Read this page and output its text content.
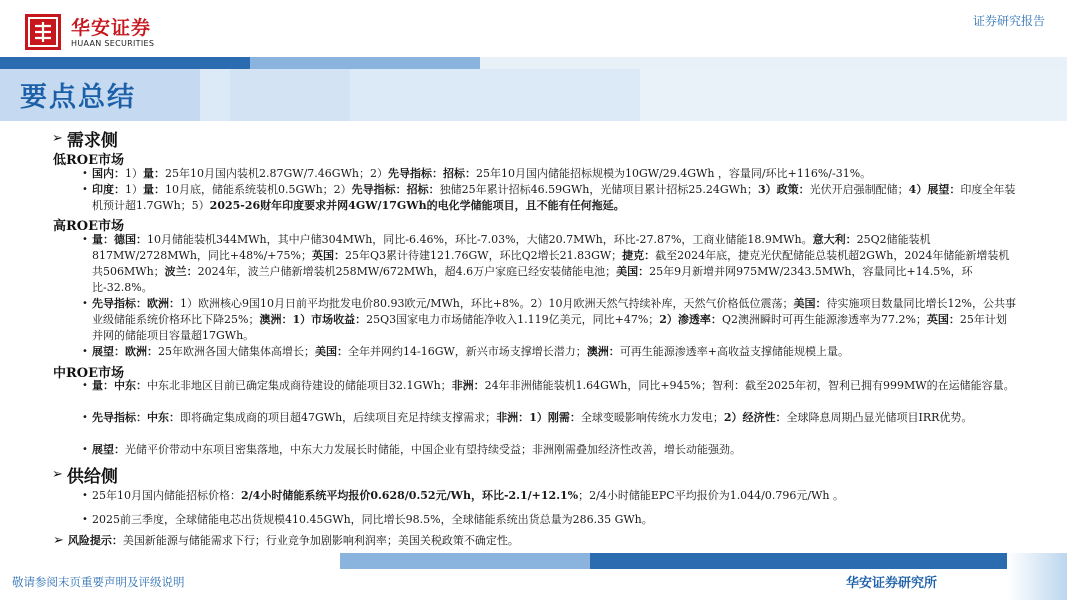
华安证券
HUAAN SECURITIES
证券研究报告
要点总结
➢ 需求侧
低ROE市场
• 国内：1）量：25年10月国内装机2.87GW/7.46GWh；2）先导指标：招标：25年10月国内储能招标规模为10GW/29.4GWh ，容量同/环比+116%/-31%。
• 印度：1）量：10月底，储能系统装机0.5GWh；2）先导指标：招标：独储25年累计招标46.59GWh，光储项目累计招标25.24GWh；3）政策：光伏开启强制配储；4）展望：印度全年装机预计超1.7GWh；5）2025-26财年印度要求并网4GW/17GWh的电化学储能项目，且不能有任何拖延。
高ROE市场
• 量：德国：10月储能装机344MWh，其中户储304MWh，同比-6.46%，环比-7.03%，大储20.7MWh，环比-27.87%，工商业储能18.9MWh。意大利：25Q2储能装机817MW/2728MWh，同比+48%/+75%；英国：25年Q3累计待建121.76GW，环比Q2增长21.83GW；捷克：截至2024年底，捷克光伏配储能总装机超2GWh，2024年储能新增装机共506MWh；波兰：2024年，波兰户储新增装机258MW/672MWh，超4.6万户家庭已经安装储能电池；美国：25年9月新增并网975MW/2343.5MWh，容量同比+14.5%，环比-32.8%。
• 先导指标：欧洲：1）欧洲核心9国10月日前平均批发电价80.93欧元/MWh，环比+8%。2）10月欧洲天然气持续补库，天然气价格低位震荡；美国：待实施项目数量同比增长12%，公共事业级储能系统价格环比下降25%；澳洲：1）市场收益：25Q3国家电力市场储能净收入1.119亿美元，同比+47%；2）渗透率：Q2澳洲瞬时可再生能源渗透率为77.2%；英国：25年计划并网的储能项目容量超17GWh。
• 展望：欧洲：25年欧洲各国大储集体高增长；美国：全年并网约14-16GW，新兴市场支撑增长潜力；澳洲：可再生能源渗透率+高收益支撑储能规模上量。
中ROE市场
• 量：中东：中东北非地区目前已确定集成商待建设的储能项目32.1GWh；非洲：24年非洲储能装机1.64GWh，同比+945%；智利：截至2025年初，智利已拥有999MW的在运储能容量。
• 先导指标：中东：即将确定集成商的项目超47GWh，后续项目充足持续支撑需求；非洲：1）刚需：全球变暖影响传统水力发电；2）经济性：全球降息周期凸显光储项目IRR优势。
• 展望：光储平价带动中东项目密集落地，中东大力发展长时储能，中国企业有望持续受益；非洲刚需叠加经济性改善，增长动能强劲。
➢ 供给侧
• 25年10月国内储能招标价格：2/4小时储能系统平均报价0.628/0.52元/Wh，环比-2.1/+12.1%；2/4小时储能EPC平均报价为1.044/0.796元/Wh 。
• 2025前三季度，全球储能电芯出货规模410.45GWh，同比增长98.5%，全球储能系统出货总量为286.35 GWh。
➢ 风险提示：美国新能源与储能需求下行；行业竞争加剧影响利润率；美国关税政策不确定性。
敬请参阅末页重要声明及评级说明	华安证券研究所
